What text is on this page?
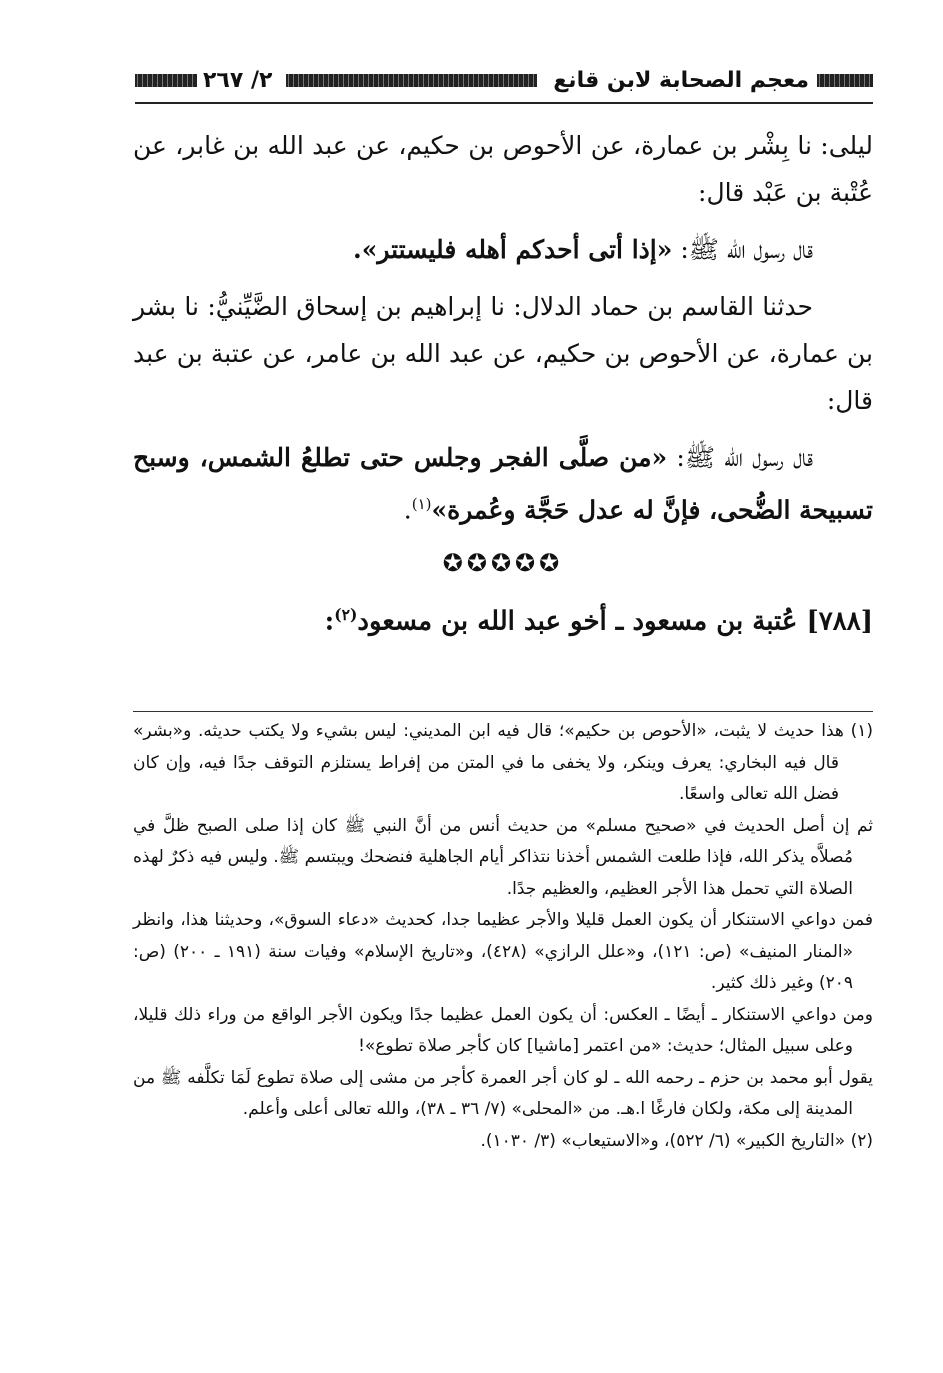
معجم الصحابة لابن قانع
٢/ ٢٦٧

ليلى: نا بِشْر بن عمارة، عن الأحوص بن حكيم، عن عبد الله بن غابر، عن عُتْبة بن عَبْد قال:

قال رسول الله ﷺ: «إذا أتى أحدكم أهله فليستتر».

حدثنا القاسم بن حماد الدلال: نا إبراهيم بن إسحاق الضَّيِّنيُّ: نا بشر بن عمارة، عن الأحوص بن حكيم، عن عبد الله بن عامر، عن عتبة بن عبد قال:

قال رسول الله ﷺ: «من صلَّى الفجر وجلس حتى تطلعُ الشمس، وسبح تسبيحة الضُّحى، فإنَّ له عدل حَجَّة وعُمرة»$^{(١)}$.

✪✪✪✪✪

[٧٨٨] عُتبة بن مسعود ـ أخو عبد الله بن مسعود$^{(٢)}$:

(١) هذا حديث لا يثبت، «الأحوص بن حكيم»؛ قال فيه ابن المديني: ليس بشيء ولا يكتب حديثه. و«بشر» قال فيه البخاري: يعرف وينكر، ولا يخفى ما في المتن من إفراط يستلزم التوقف جدًا فيه، وإن كان فضل الله تعالى واسعًا.

ثم إن أصل الحديث في «صحيح مسلم» من حديث أنس من أنَّ النبي ﷺ كان إذا صلى الصبح ظلَّ في مُصلاَّه يذكر الله، فإذا طلعت الشمس أخذنا نتذاكر أيام الجاهلية فنضحك ويبتسم ﷺ. وليس فيه ذكرٌ لهذه الصلاة التي تحمل هذا الأجر العظيم، والعظيم جدًا.

فمن دواعي الاستنكار أن يكون العمل قليلا والأجر عظيما جدا، كحديث «دعاء السوق»، وحديثنا هذا، وانظر «المنار المنيف» (ص: ١٢١)، و«علل الرازي» (٤٢٨)، و«تاريخ الإسلام» وفيات سنة (١٩١ ـ ٢٠٠) (ص: ٢٠٩) وغير ذلك كثير.

ومن دواعي الاستنكار ـ أيضًا ـ العكس: أن يكون العمل عظيما جدًا ويكون الأجر الواقع من وراء ذلك قليلا، وعلى سبيل المثال؛ حديث: «من اعتمر [ماشيا] كان كأجر صلاة تطوع»!

يقول أبو محمد بن حزم ـ رحمه الله ـ لو كان أجر العمرة كأجر من مشى إلى صلاة تطوع لَمَا تكلَّفه ﷺ من المدينة إلى مكة، ولكان فارغًا ا.هـ. من «المحلى» (٧/ ٣٦ ـ ٣٨)، والله تعالى أعلى وأعلم.

(٢) «التاريخ الكبير» (٦/ ٥٢٢)، و«الاستيعاب» (٣/ ١٠٣٠).
